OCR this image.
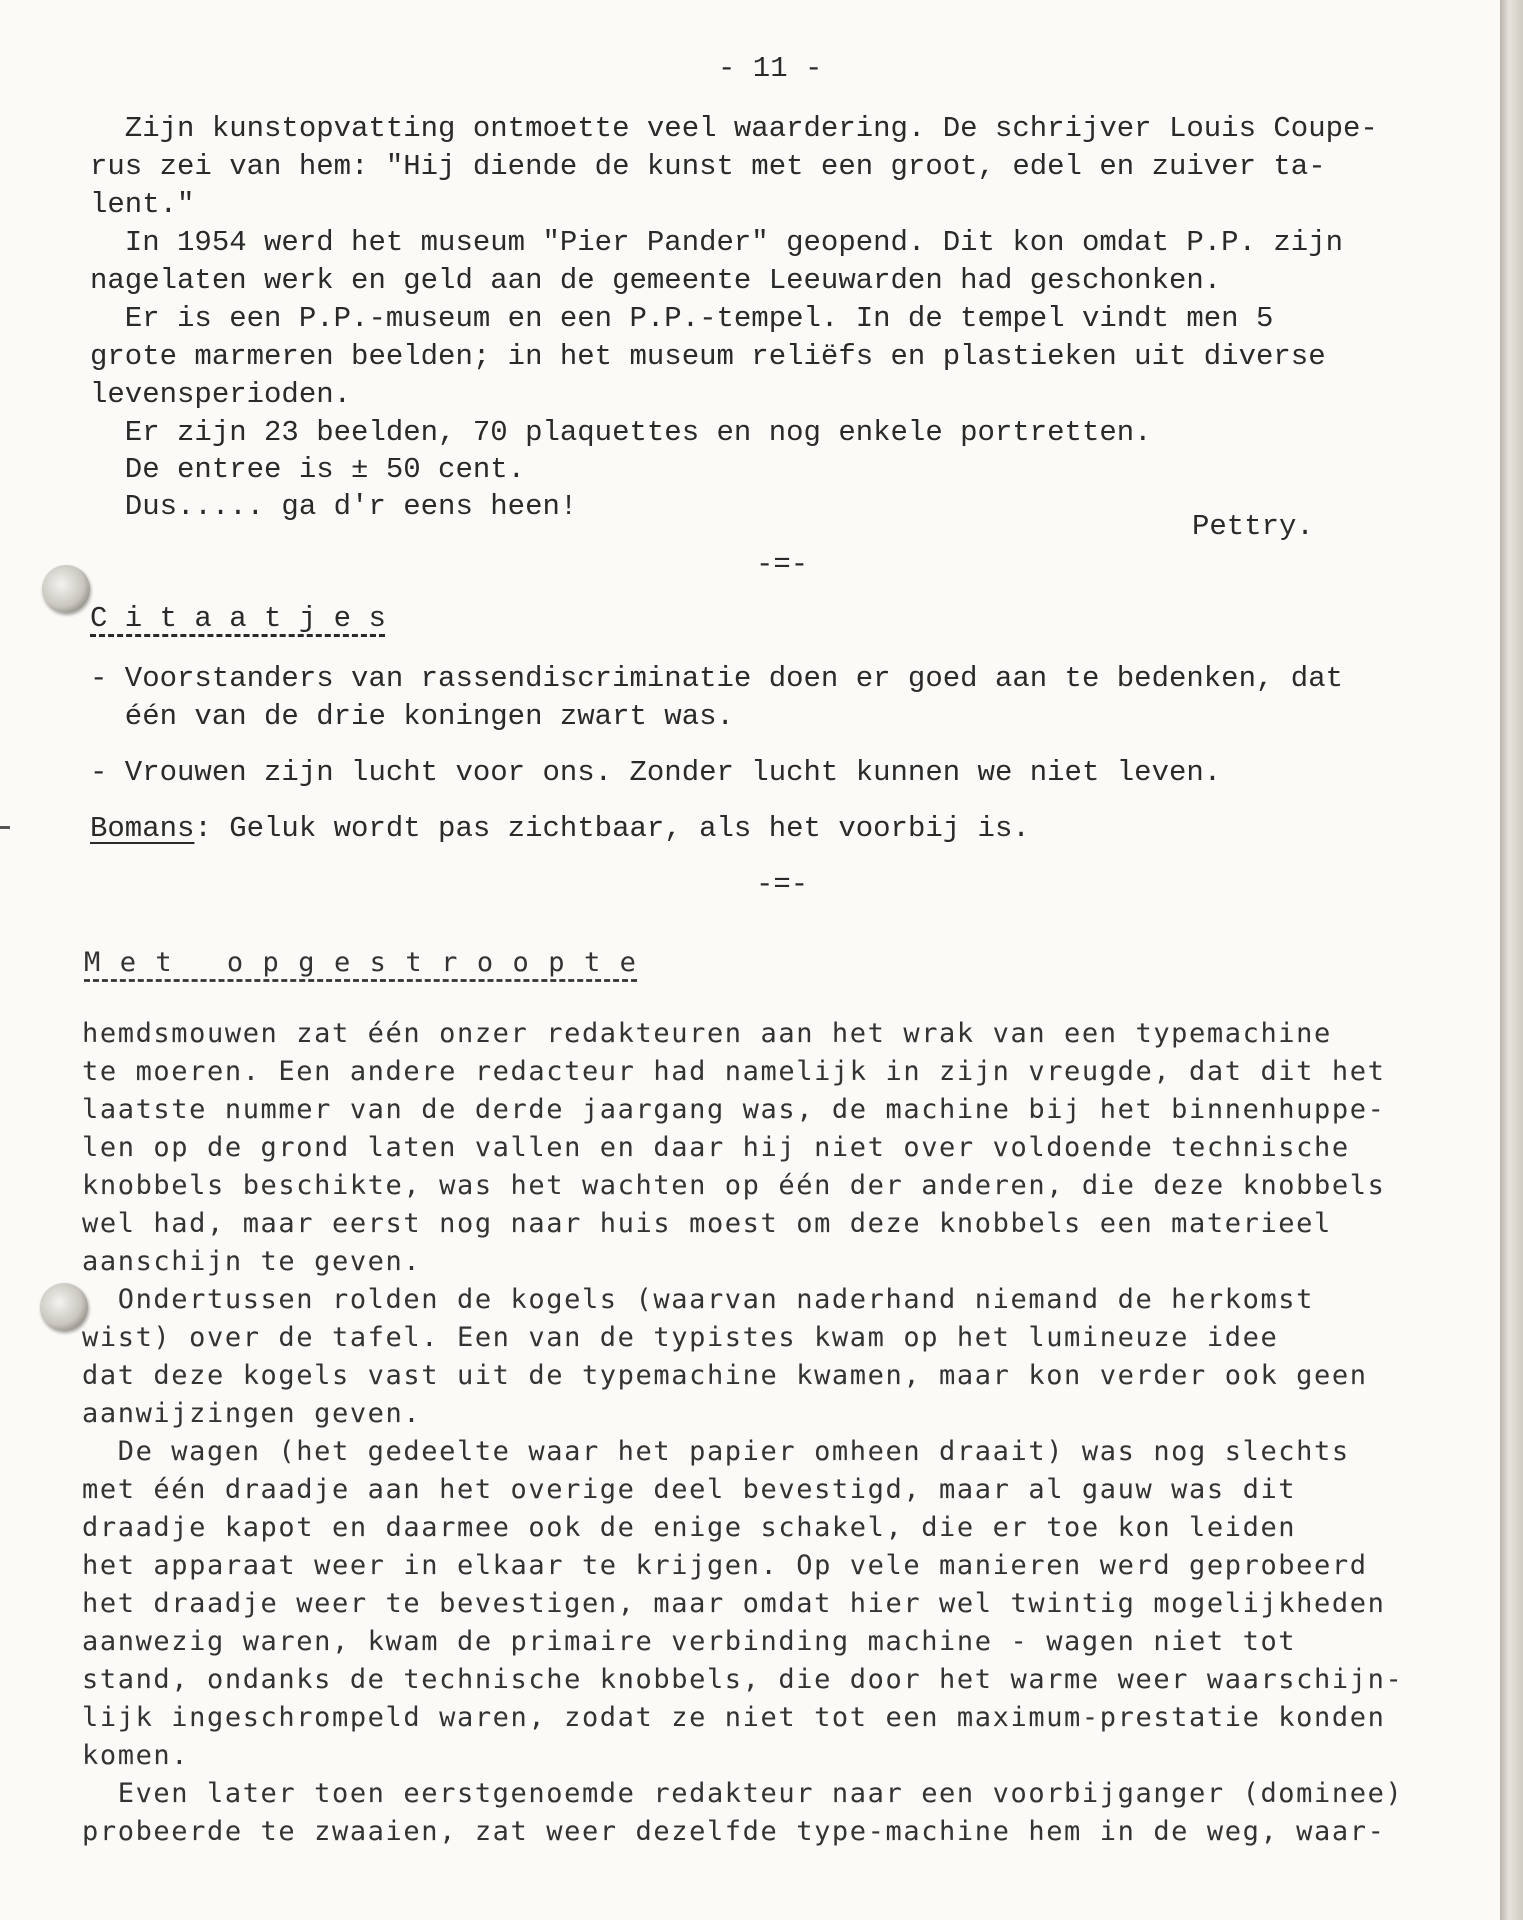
- 11 -

Zijn kunstopvatting ontmoette veel waardering. De schrijver Louis Coupe-

rus zei van hem: "Hij diende de kunst met een groot, edel en zuiver ta-

lent."

In 1954 werd het museum "Pier Pander" geopend. Dit kon omdat P.P. zijn

nagelaten werk en geld aan de gemeente Leeuwarden had geschonken.

Er is een P.P.-museum en een P.P.-tempel. In de tempel vindt men 5

grote marmeren beelden; in het museum reliëfs en plastieken uit diverse

levensperioden.

Er zijn 23 beelden, 70 plaquettes en nog enkele portretten.

De entree is ± 50 cent.

Dus..... ga d'r eens heen!

Pettry.

-=-

C i t a a t j e s

- Voorstanders van rassendiscriminatie doen er goed aan te bedenken, dat

één van de drie koningen zwart was.

- Vrouwen zijn lucht voor ons. Zonder lucht kunnen we niet leven.

Bomans: Geluk wordt pas zichtbaar, als het voorbij is.

-=-

M e t   o p g e s t r o o p t e

hemdsmouwen zat één onzer redakteuren aan het wrak van een typemachine

te moeren. Een andere redacteur had namelijk in zijn vreugde, dat dit het

laatste nummer van de derde jaargang was, de machine bij het binnenhuppe-

len op de grond laten vallen en daar hij niet over voldoende technische

knobbels beschikte, was het wachten op één der anderen, die deze knobbels

wel had, maar eerst nog naar huis moest om deze knobbels een materieel

aanschijn te geven.

Ondertussen rolden de kogels (waarvan naderhand niemand de herkomst

wist) over de tafel. Een van de typistes kwam op het lumineuze idee

dat deze kogels vast uit de typemachine kwamen, maar kon verder ook geen

aanwijzingen geven.

De wagen (het gedeelte waar het papier omheen draait) was nog slechts

met één draadje aan het overige deel bevestigd, maar al gauw was dit

draadje kapot en daarmee ook de enige schakel, die er toe kon leiden

het apparaat weer in elkaar te krijgen. Op vele manieren werd geprobeerd

het draadje weer te bevestigen, maar omdat hier wel twintig mogelijkheden

aanwezig waren, kwam de primaire verbinding machine - wagen niet tot

stand, ondanks de technische knobbels, die door het warme weer waarschijn-

lijk ingeschrompeld waren, zodat ze niet tot een maximum-prestatie konden

komen.

Even later toen eerstgenoemde redakteur naar een voorbijganger (dominee)

probeerde te zwaaien, zat weer dezelfde type-machine hem in de weg, waar-
